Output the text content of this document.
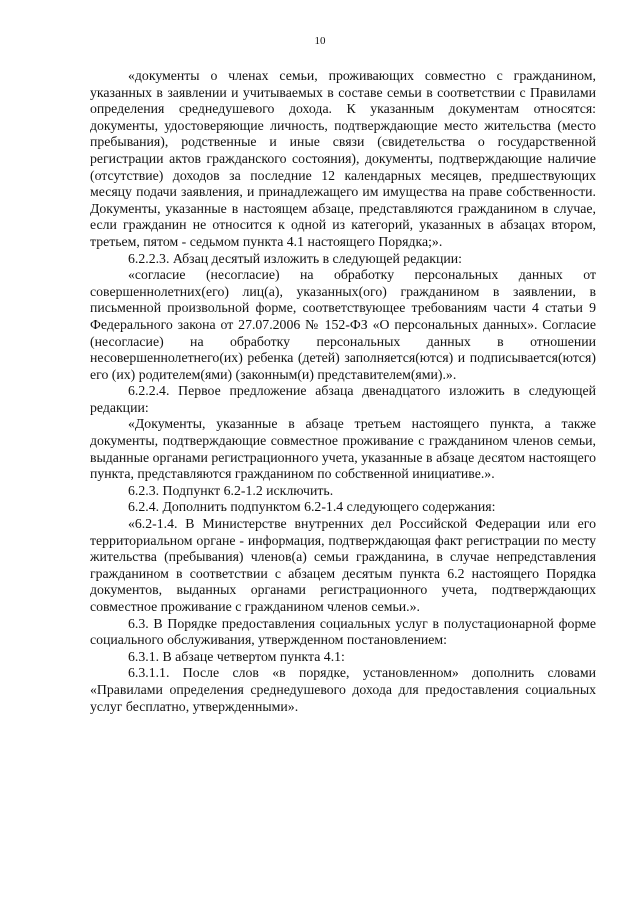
10

«документы о членах семьи, проживающих совместно с гражданином, указанных в заявлении и учитываемых в составе семьи в соответствии с Правилами определения среднедушевого дохода. К указанным документам относятся: документы, удостоверяющие личность, подтверждающие место жительства (место пребывания), родственные и иные связи (свидетельства о государственной регистрации актов гражданского состояния), документы, подтверждающие наличие (отсутствие) доходов за последние 12 календарных месяцев, предшествующих месяцу подачи заявления, и принадлежащего им имущества на праве собственности. Документы, указанные в настоящем абзаце, представляются гражданином в случае, если гражданин не относится к одной из категорий, указанных в абзацах втором, третьем, пятом - седьмом пункта 4.1 настоящего Порядка;».

6.2.2.3. Абзац десятый изложить в следующей редакции:

«согласие (несогласие) на обработку персональных данных от совершеннолетних(его) лиц(а), указанных(ого) гражданином в заявлении, в письменной произвольной форме, соответствующее требованиям части 4 статьи 9 Федерального закона от 27.07.2006 № 152-ФЗ «О персональных данных». Согласие (несогласие) на обработку персональных данных в отношении несовершеннолетнего(их) ребенка (детей) заполняется(ются) и подписывается(ются) его (их) родителем(ями) (законным(и) представителем(ями).».

6.2.2.4. Первое предложение абзаца двенадцатого изложить в следующей редакции:

«Документы, указанные в абзаце третьем настоящего пункта, а также документы, подтверждающие совместное проживание с гражданином членов семьи, выданные органами регистрационного учета, указанные в абзаце десятом настоящего пункта, представляются гражданином по собственной инициативе.».

6.2.3. Подпункт 6.2-1.2 исключить.

6.2.4. Дополнить подпунктом 6.2-1.4 следующего содержания:

«6.2-1.4. В Министерстве внутренних дел Российской Федерации или его территориальном органе - информация, подтверждающая факт регистрации по месту жительства (пребывания) членов(а) семьи гражданина, в случае непредставления гражданином в соответствии с абзацем десятым пункта 6.2 настоящего Порядка документов, выданных органами регистрационного учета, подтверждающих совместное проживание с гражданином членов семьи.».

6.3. В Порядке предоставления социальных услуг в полустационарной форме социального обслуживания, утвержденном постановлением:

6.3.1. В абзаце четвертом пункта 4.1:

6.3.1.1. После слов «в порядке, установленном» дополнить словами «Правилами определения среднедушевого дохода для предоставления социальных услуг бесплатно, утвержденными».
